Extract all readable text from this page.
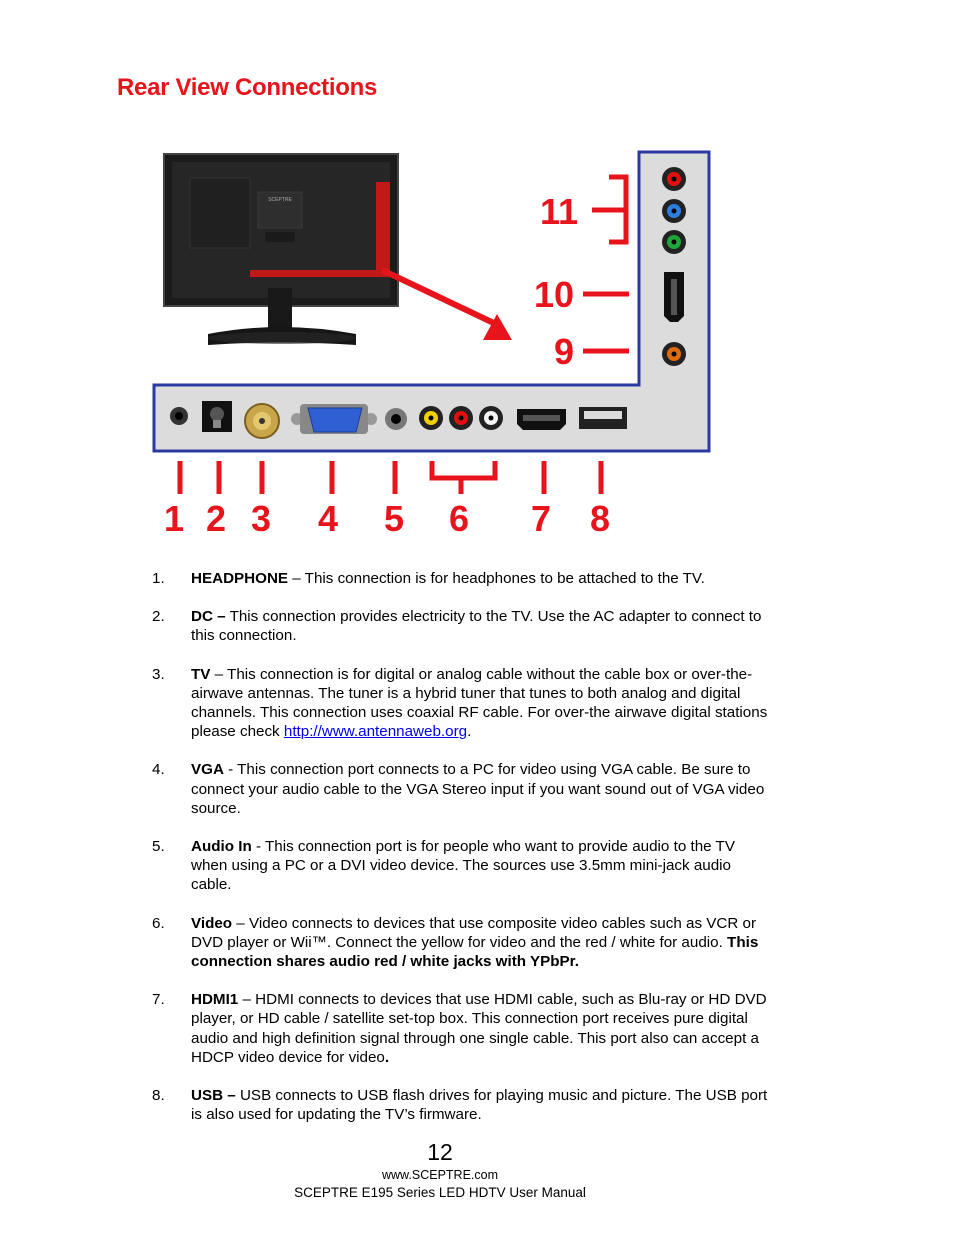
Rear View Connections
SCEPTRE
1 2 3 4 5 6 7 8
9
10
11
1. HEADPHONE – This connection is for headphones to be attached to the TV.
2. DC – This connection provides electricity to the TV. Use the AC adapter to connect to this connection.
3. TV – This connection is for digital or analog cable without the cable box or over-the-airwave antennas. The tuner is a hybrid tuner that tunes to both analog and digital channels. This connection uses coaxial RF cable. For over-the airwave digital stations please check http://www.antennaweb.org.
4. VGA - This connection port connects to a PC for video using VGA cable. Be sure to connect your audio cable to the VGA Stereo input if you want sound out of VGA video source.
5. Audio In - This connection port is for people who want to provide audio to the TV when using a PC or a DVI video device. The sources use 3.5mm mini-jack audio cable.
6. Video – Video connects to devices that use composite video cables such as VCR or DVD player or Wii™. Connect the yellow for video and the red / white for audio. This connection shares audio red / white jacks with YPbPr.
7. HDMI1 – HDMI connects to devices that use HDMI cable, such as Blu-ray or HD DVD player, or HD cable / satellite set-top box. This connection port receives pure digital audio and high definition signal through one single cable. This port also can accept a HDCP video device for video.
8. USB – USB connects to USB flash drives for playing music and picture. The USB port is also used for updating the TV’s firmware.
12
www.SCEPTRE.com
SCEPTRE E195 Series LED HDTV User Manual
